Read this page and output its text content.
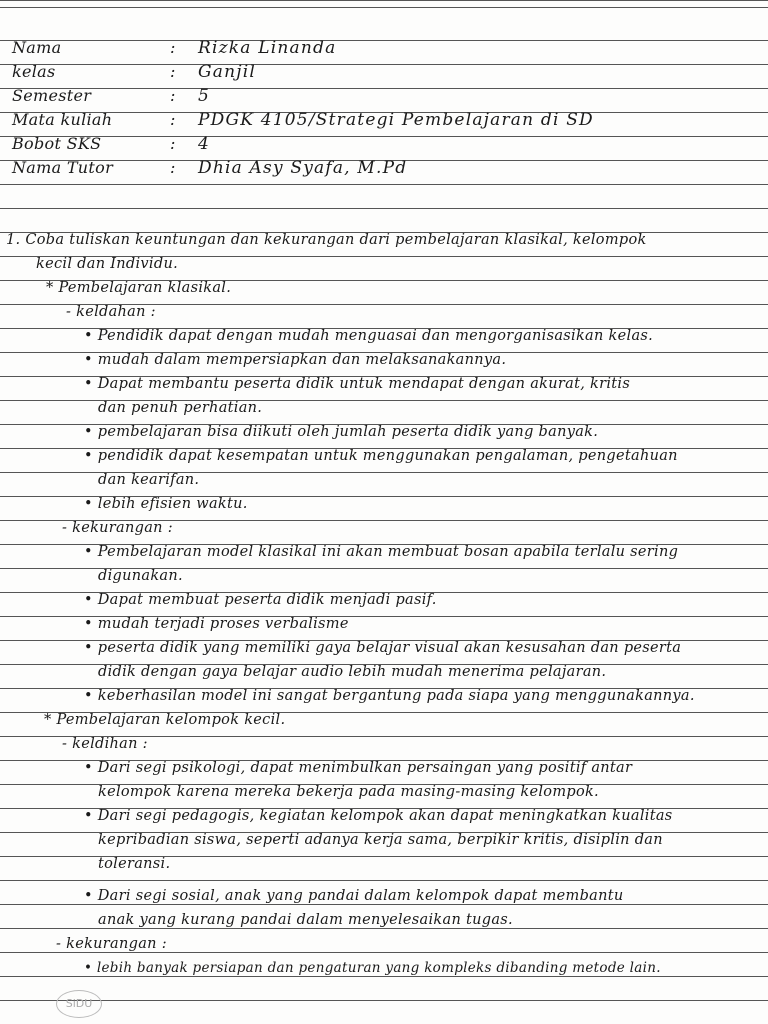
Nama	: Rizka Linanda
kelas	: Ganjil
Semester	: 5
Mata kuliah	: PDGK 4105/Strategi Pembelajaran di SD
Bobot SKS	: 4
Nama Tutor	: Dhia Asy Syafa, M.Pd
1. Coba tuliskan keuntungan dan kekurangan dari pembelajaran klasikal, kelompok
kecil dan Individu.
* Pembelajaran klasikal.
- keldahan :
• Pendidik dapat dengan mudah menguasai dan mengorganisasikan kelas.
• mudah dalam mempersiapkan dan melaksanakannya.
• Dapat membantu peserta didik untuk mendapat dengan akurat, kritis
dan penuh perhatian.
• pembelajaran bisa diikuti oleh jumlah peserta didik yang banyak.
• pendidik dapat kesempatan untuk menggunakan pengalaman, pengetahuan
dan kearifan.
• lebih efisien waktu.
- kekurangan :
• Pembelajaran model klasikal ini akan membuat bosan apabila terlalu sering
digunakan.
• Dapat membuat peserta didik menjadi pasif.
• mudah terjadi proses verbalisme
• peserta didik yang memiliki gaya belajar visual akan kesusahan dan peserta
didik dengan gaya belajar audio lebih mudah menerima pelajaran.
• keberhasilan model ini sangat bergantung pada siapa yang menggunakannya.
* Pembelajaran kelompok kecil.
- keldihan :
• Dari segi psikologi, dapat menimbulkan persaingan yang positif antar
kelompok karena mereka bekerja pada masing-masing kelompok.
• Dari segi pedagogis, kegiatan kelompok akan dapat meningkatkan kualitas
kepribadian siswa, seperti adanya kerja sama, berpikir kritis, disiplin dan
toleransi.
• Dari segi sosial, anak yang pandai dalam kelompok dapat membantu
anak yang kurang pandai dalam menyelesaikan tugas.
- kekurangan :
• lebih banyak persiapan dan pengaturan yang kompleks dibanding metode lain.
SiDU
